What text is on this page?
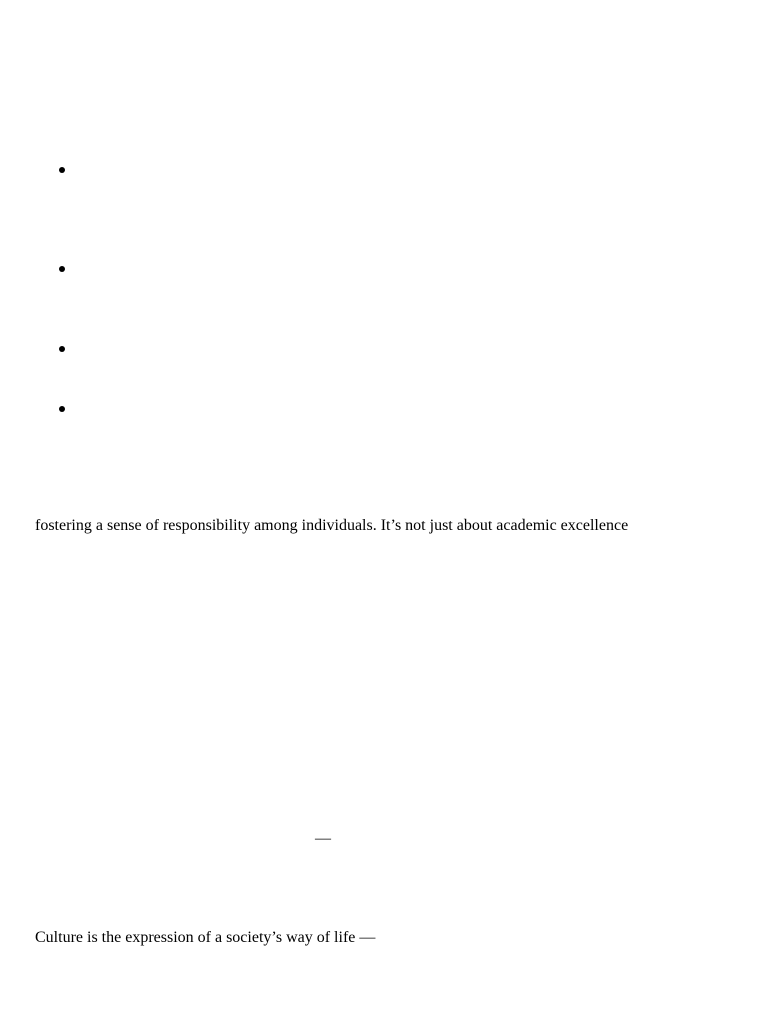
fostering a sense of responsibility among individuals. It’s not just about academic excellence
—
Culture is the expression of a society’s way of life —
